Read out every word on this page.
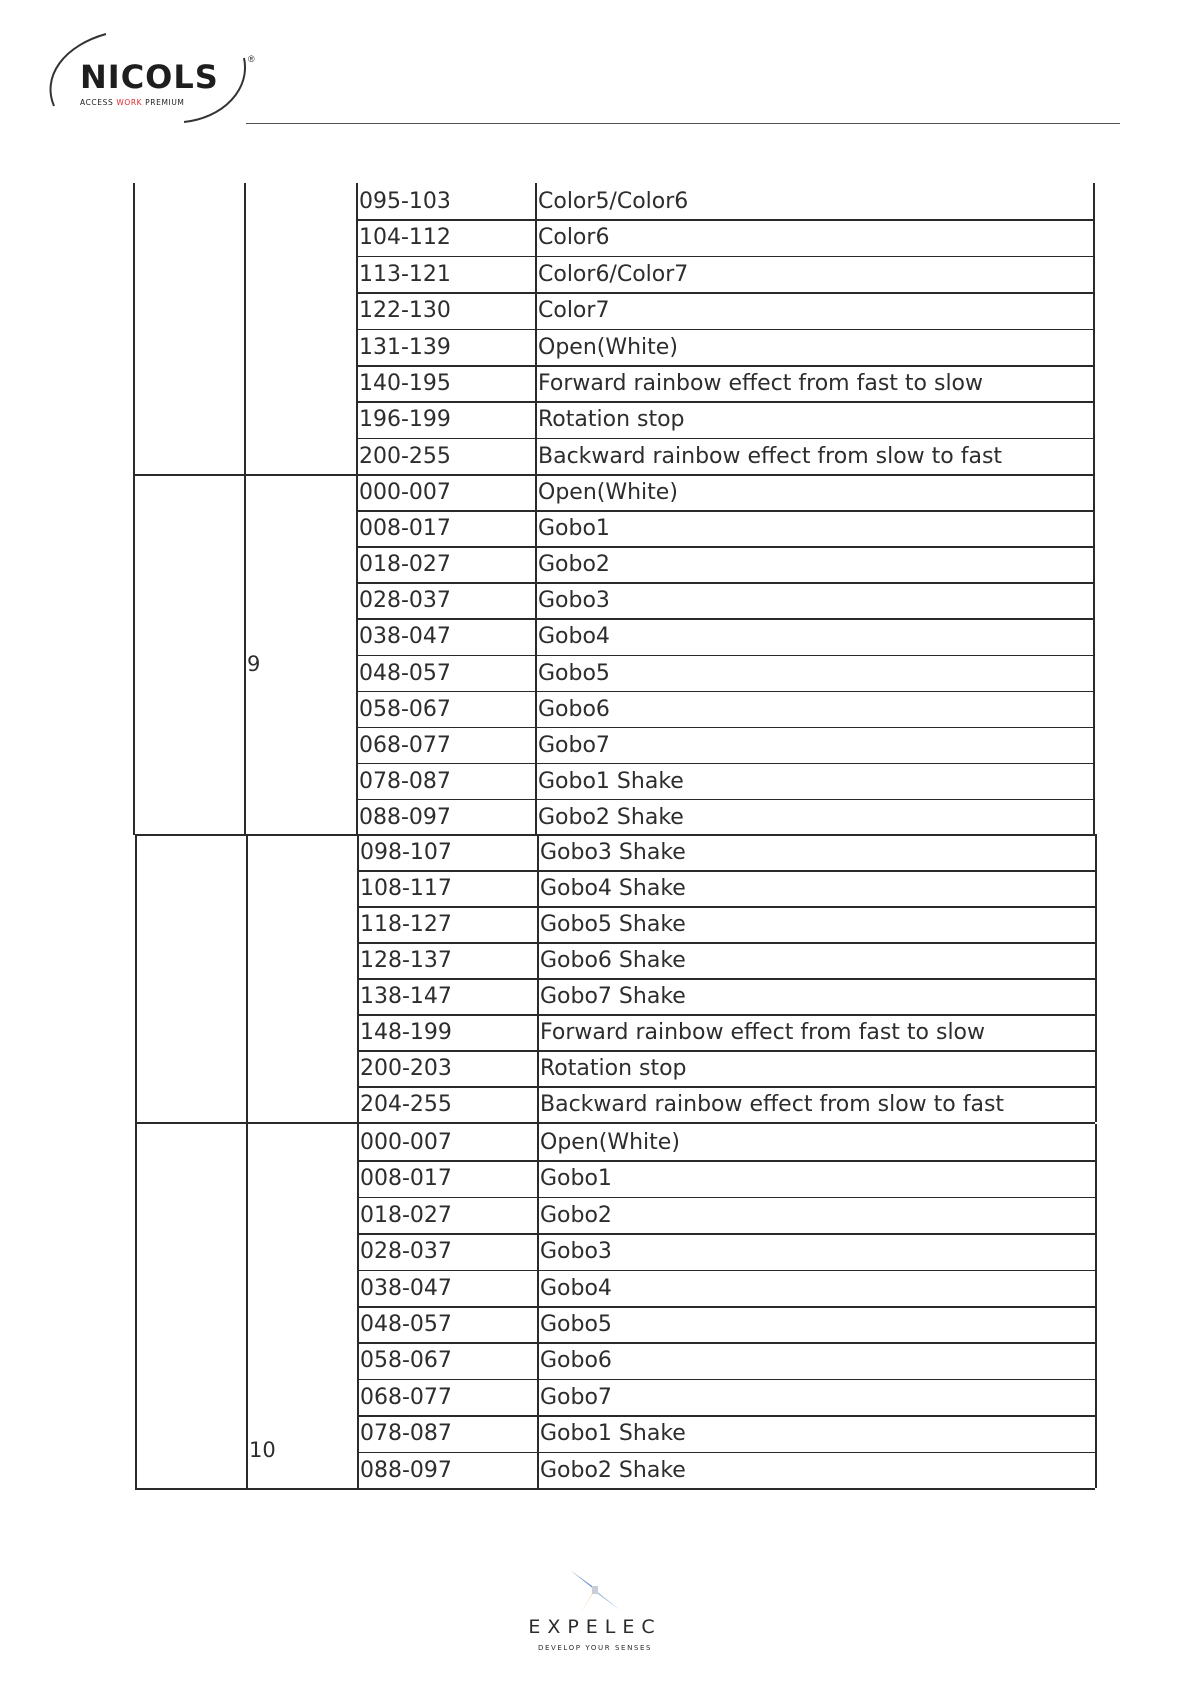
NICOLS	®
ACCESS WORK PREMIUM
095-103	Color5/Color6
104-112	Color6
113-121	Color6/Color7
122-130	Color7
131-139	Open(White)
140-195	Forward rainbow effect from fast to slow
196-199	Rotation stop
200-255	Backward rainbow effect from slow to fast
000-007	Open(White)
008-017	Gobo1
018-027	Gobo2
028-037	Gobo3
038-047	Gobo4
048-057	Gobo5
058-067	Gobo6
068-077	Gobo7
078-087	Gobo1 Shake
088-097	Gobo2 Shake
9
098-107	Gobo3 Shake
108-117	Gobo4 Shake
118-127	Gobo5 Shake
128-137	Gobo6 Shake
138-147	Gobo7 Shake
148-199	Forward rainbow effect from fast to slow
200-203	Rotation stop
204-255	Backward rainbow effect from slow to fast
000-007	Open(White)
008-017	Gobo1
018-027	Gobo2
028-037	Gobo3
038-047	Gobo4
048-057	Gobo5
058-067	Gobo6
068-077	Gobo7
078-087	Gobo1 Shake
088-097	Gobo2 Shake
10
EXPELEC
DEVELOP YOUR SENSES
